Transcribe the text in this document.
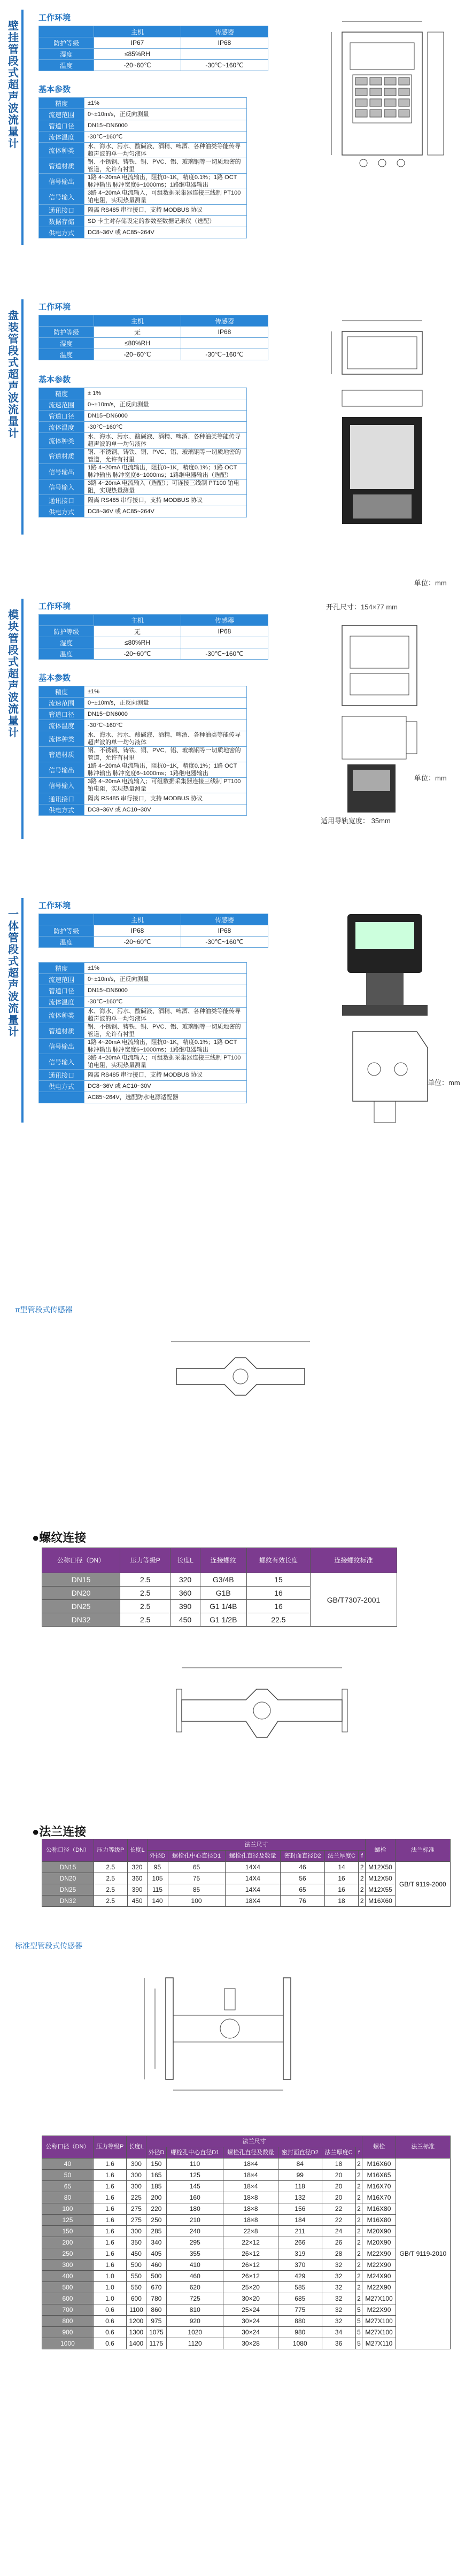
壁挂管段式超声波流量计
工作环境
	主机	传感器
防护等级	IP67	IP68
湿度	≤85%RH	
温度	-20~60℃	-30℃~160℃
基本参数
精度	±1%
流速范围	0~±10m/s，正反向测量
管道口径	DN15~DN6000
流体温度	-30℃~160℃
流体种类	水、海水、污水、酸碱液、酒精、啤酒、各种油类等能传导超声波的单一均匀液体
管道材质	钢、不锈钢、铸铁、铜、PVC、铝、玻璃钢等一切质地密的管道，允许有衬里
信号输出	1路 4~20mA 电流输出，阻抗0~1K，精度0.1%；1路 OCT 脉冲输出 脉冲宽度6~1000ms；1路继电器输出
信号输入	3路 4~20mA 电流输入，可组数据采集器连接三线制 PT100 铂电阻，实现热量测量
通讯接口	隔离 RS485 串行接口，支持 MODBUS 协议
数据存储	SD 卡主对存储设定的参数至数据记录仪（选配）
供电方式	DC8~36V 或 AC85~264V
盘装管段式超声波流量计
工作环境
	主机	传感器
防护等级	无	IP68
湿度	≤80%RH	
温度	-20~60℃	-30℃~160℃
基本参数
精度	± 1%
流速范围	0~±10m/s，正反向测量
管道口径	DN15~DN6000
流体温度	-30℃~160℃
流体种类	水、海水、污水、酸碱液、酒精、啤酒、各种油类等能传导超声波的单一均匀液体
管道材质	钢、不锈钢、铸铁、铜、PVC、铝、玻璃钢等一切质地密的管道，允许有衬里
信号输出	1路 4~20mA 电流输出，阻抗0~1K，精度0.1%；1路 OCT 脉冲输出 脉冲宽度6~1000ms；1路继电器输出（选配）
信号输入	3路 4~20mA 电流输入（选配）；可连接三线制 PT100 铂电阻，实现热量测量
通讯接口	隔离 RS485 串行接口，支持 MODBUS 协议
供电方式	DC8~36V 或 AC85~264V
单位：mm
开孔尺寸：154×77 mm
模块管段式超声波流量计
工作环境
	主机	传感器
防护等级	无	IP68
湿度	≤80%RH	
温度	-20~60℃	-30℃~160℃
基本参数
精度	±1%
流速范围	0~±10m/s，正反向测量
管道口径	DN15~DN6000
流体温度	-30℃~160℃
流体种类	水、海水、污水、酸碱液、酒精、啤酒、各种油类等能传导超声波的单一均匀液体
管道材质	钢、不锈钢、铸铁、铜、PVC、铝、玻璃钢等一切质地密的管道，允许有衬里
信号输出	1路 4~20mA 电流输出，阻抗0~1K，精度0.1%；1路 OCT 脉冲输出 脉冲宽度6~1000ms；1路继电器输出
信号输入	3路 4~20mA 电流输入；可组数据采集器连接三线制 PT100 铂电阻，实现热量测量
通讯接口	隔离 RS485 串行接口，支持 MODBUS 协议
供电方式	DC8~36V 或 AC10~30V
单位：mm
适用导轨宽度： 35mm
一体管段式超声波流量计
工作环境
	主机	传感器
防护等级	IP68	IP68
温度	-20~60℃	-30℃~160℃
精度	±1%
流速范围	0~±10m/s，正反向测量
管道口径	DN15~DN6000
流体温度	-30℃~160℃
流体种类	水、海水、污水、酸碱液、酒精、啤酒、各种油类等能传导超声波的单一均匀液体
管道材质	钢、不锈钢、铸铁、铜、PVC、铝、玻璃钢等一切质地密的管道，允许有衬里
信号输出	1路 4~20mA 电流输出，阻抗0~1K，精度0.1%；1路 OCT 脉冲输出 脉冲宽度6~1000ms；1路继电器输出
信号输入	3路 4~20mA 电流输入；可组数据采集器连接三线制 PT100 铂电阻，实现热量测量
通讯接口	隔离 RS485 串行接口，支持 MODBUS 协议
供电方式	DC8~36V 或 AC10~30V
	AC85~264V，选配防水电源适配器
单位：mm
π型管段式传感器
●螺纹连接
公称口径（DN）	压力等级P	长度L	连接螺纹	螺纹有效长度	连接螺纹标准
DN15	2.5	320	G3/4B	15	GB/T7307-2001
DN20	2.5	360	G1B	16	
DN25	2.5	390	G1 1/4B	16	
DN32	2.5	450	G1 1/2B	22.5	
●法兰连接
公称口径（DN）	压力等级P	长度L	法兰尺寸						螺栓	法兰标准
			外径D	螺栓孔中心直径D1	螺栓孔直径及数量	密封面直径D2	法兰厚度C	f		
DN15	2.5	320	95	65	14X4	46	14	2	M12X50	GB/T 9119-2000
DN20	2.5	360	105	75	14X4	56	16	2	M12X50	
DN25	2.5	390	115	85	14X4	65	16	2	M12X55	
DN32	2.5	450	140	100	18X4	76	18	2	M16X60	
标准型管段式传感器
公称口径（DN）	压力等级P	长度L	法兰尺寸						螺栓	法兰标准
			外径D	螺栓孔中心直径D1	螺栓孔直径及数量	密封面直径D2	法兰厚度C	f		
40	1.6	300	150	110	18×4	84	18	2	M16X60	GB/T 9119-2010
50	1.6	300	165	125	18×4	99	20	2	M16X65	
65	1.6	300	185	145	18×4	118	20	2	M16X70	
80	1.6	225	200	160	18×8	132	20	2	M16X70	
100	1.6	275	220	180	18×8	156	22	2	M16X80	
125	1.6	275	250	210	18×8	184	22	2	M16X80	
150	1.6	300	285	240	22×8	211	24	2	M20X90	
200	1.6	350	340	295	22×12	266	26	2	M20X90	
250	1.6	450	405	355	26×12	319	28	2	M22X90	
300	1.6	500	460	410	26×12	370	32	2	M22X90	
400	1.0	550	500	460	26×12	429	32	2	M24X90	
500	1.0	550	670	620	25×20	585	32	2	M22X90	
600	1.0	600	780	725	30×20	685	32	2	M27X100	
700	0.6	1100	860	810	25×24	775	32	5	M22X90	
800	0.6	1200	975	920	30×24	880	32	5	M27X100	
900	0.6	1300	1075	1020	30×24	980	34	5	M27X100	
1000	0.6	1400	1175	1120	30×28	1080	36	5	M27X110	
